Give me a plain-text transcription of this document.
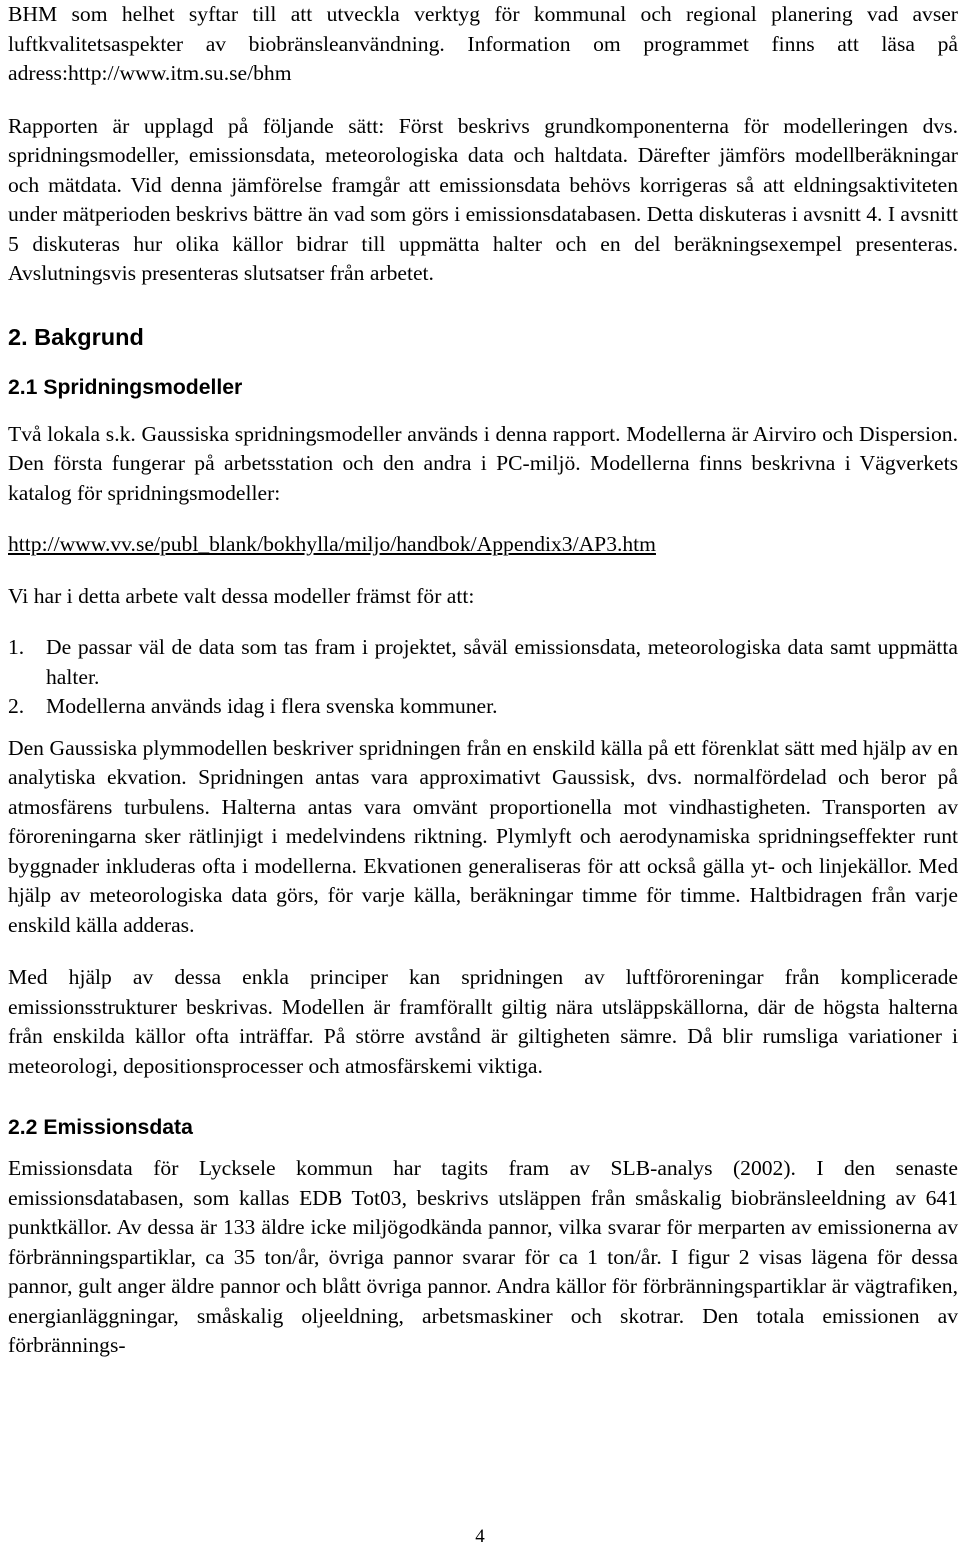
BHM som helhet syftar till att utveckla verktyg för kommunal och regional planering vad avser luftkvalitetsaspekter av biobränsleanvändning. Information om programmet finns att läsa på adress:http://www.itm.su.se/bhm

Rapporten är upplagd på följande sätt: Först beskrivs grundkomponenterna för modelleringen dvs. spridningsmodeller, emissionsdata, meteorologiska data och haltdata. Därefter jämförs modellberäkningar och mätdata. Vid denna jämförelse framgår att emissionsdata behövs korrigeras så att eldningsaktiviteten under mätperioden beskrivs bättre än vad som görs i emissionsdatabasen. Detta diskuteras i avsnitt 4. I avsnitt 5 diskuteras hur olika källor bidrar till uppmätta halter och en del beräkningsexempel presenteras. Avslutningsvis presenteras slutsatser från arbetet.

2. Bakgrund
2.1 Spridningsmodeller

Två lokala s.k. Gaussiska spridningsmodeller används i denna rapport. Modellerna är Airviro och Dispersion. Den första fungerar på arbetsstation och den andra i PC-miljö. Modellerna finns beskrivna i Vägverkets katalog för spridningsmodeller:

http://www.vv.se/publ_blank/bokhylla/miljo/handbok/Appendix3/AP3.htm

Vi har i detta arbete valt dessa modeller främst för att:

1.	De passar väl de data som tas fram i projektet, såväl emissionsdata, meteorologiska data samt uppmätta halter.
2.	Modellerna används idag i flera svenska kommuner.

Den Gaussiska plymmodellen beskriver spridningen från en enskild källa på ett förenklat sätt med hjälp av en analytiska ekvation. Spridningen antas vara approximativt Gaussisk, dvs. normalfördelad och beror på atmosfärens turbulens. Halterna antas vara omvänt proportionella mot vindhastigheten. Transporten av föroreningarna sker rätlinjigt i medelvindens riktning. Plymlyft och aerodynamiska spridningseffekter runt byggnader inkluderas ofta i modellerna. Ekvationen generaliseras för att också gälla yt- och linjekällor. Med hjälp av meteorologiska data görs, för varje källa, beräkningar timme för timme. Haltbidragen från varje enskild källa adderas.

Med hjälp av dessa enkla principer kan spridningen av luftföroreningar från komplicerade emissionsstrukturer beskrivas. Modellen är framförallt giltig nära utsläppskällorna, där de högsta halterna från enskilda källor ofta inträffar. På större avstånd är giltigheten sämre. Då blir rumsliga variationer i meteorologi, depositionsprocesser och atmosfärskemi viktiga.

2.2 Emissionsdata

Emissionsdata för Lycksele kommun har tagits fram av SLB-analys (2002). I den senaste emissionsdatabasen, som kallas EDB Tot03, beskrivs utsläppen från småskalig biobränsleeldning av 641 punktkällor. Av dessa är 133 äldre icke miljögodkända pannor, vilka svarar för merparten av emissionerna av förbränningspartiklar, ca 35 ton/år, övriga pannor svarar för ca 1 ton/år. I figur 2 visas lägena för dessa pannor, gult anger äldre pannor och blått övriga pannor. Andra källor för förbränningspartiklar är vägtrafiken, energianläggningar, småskalig oljeeldning, arbetsmaskiner och skotrar. Den totala emissionen av förbrännings-

4
